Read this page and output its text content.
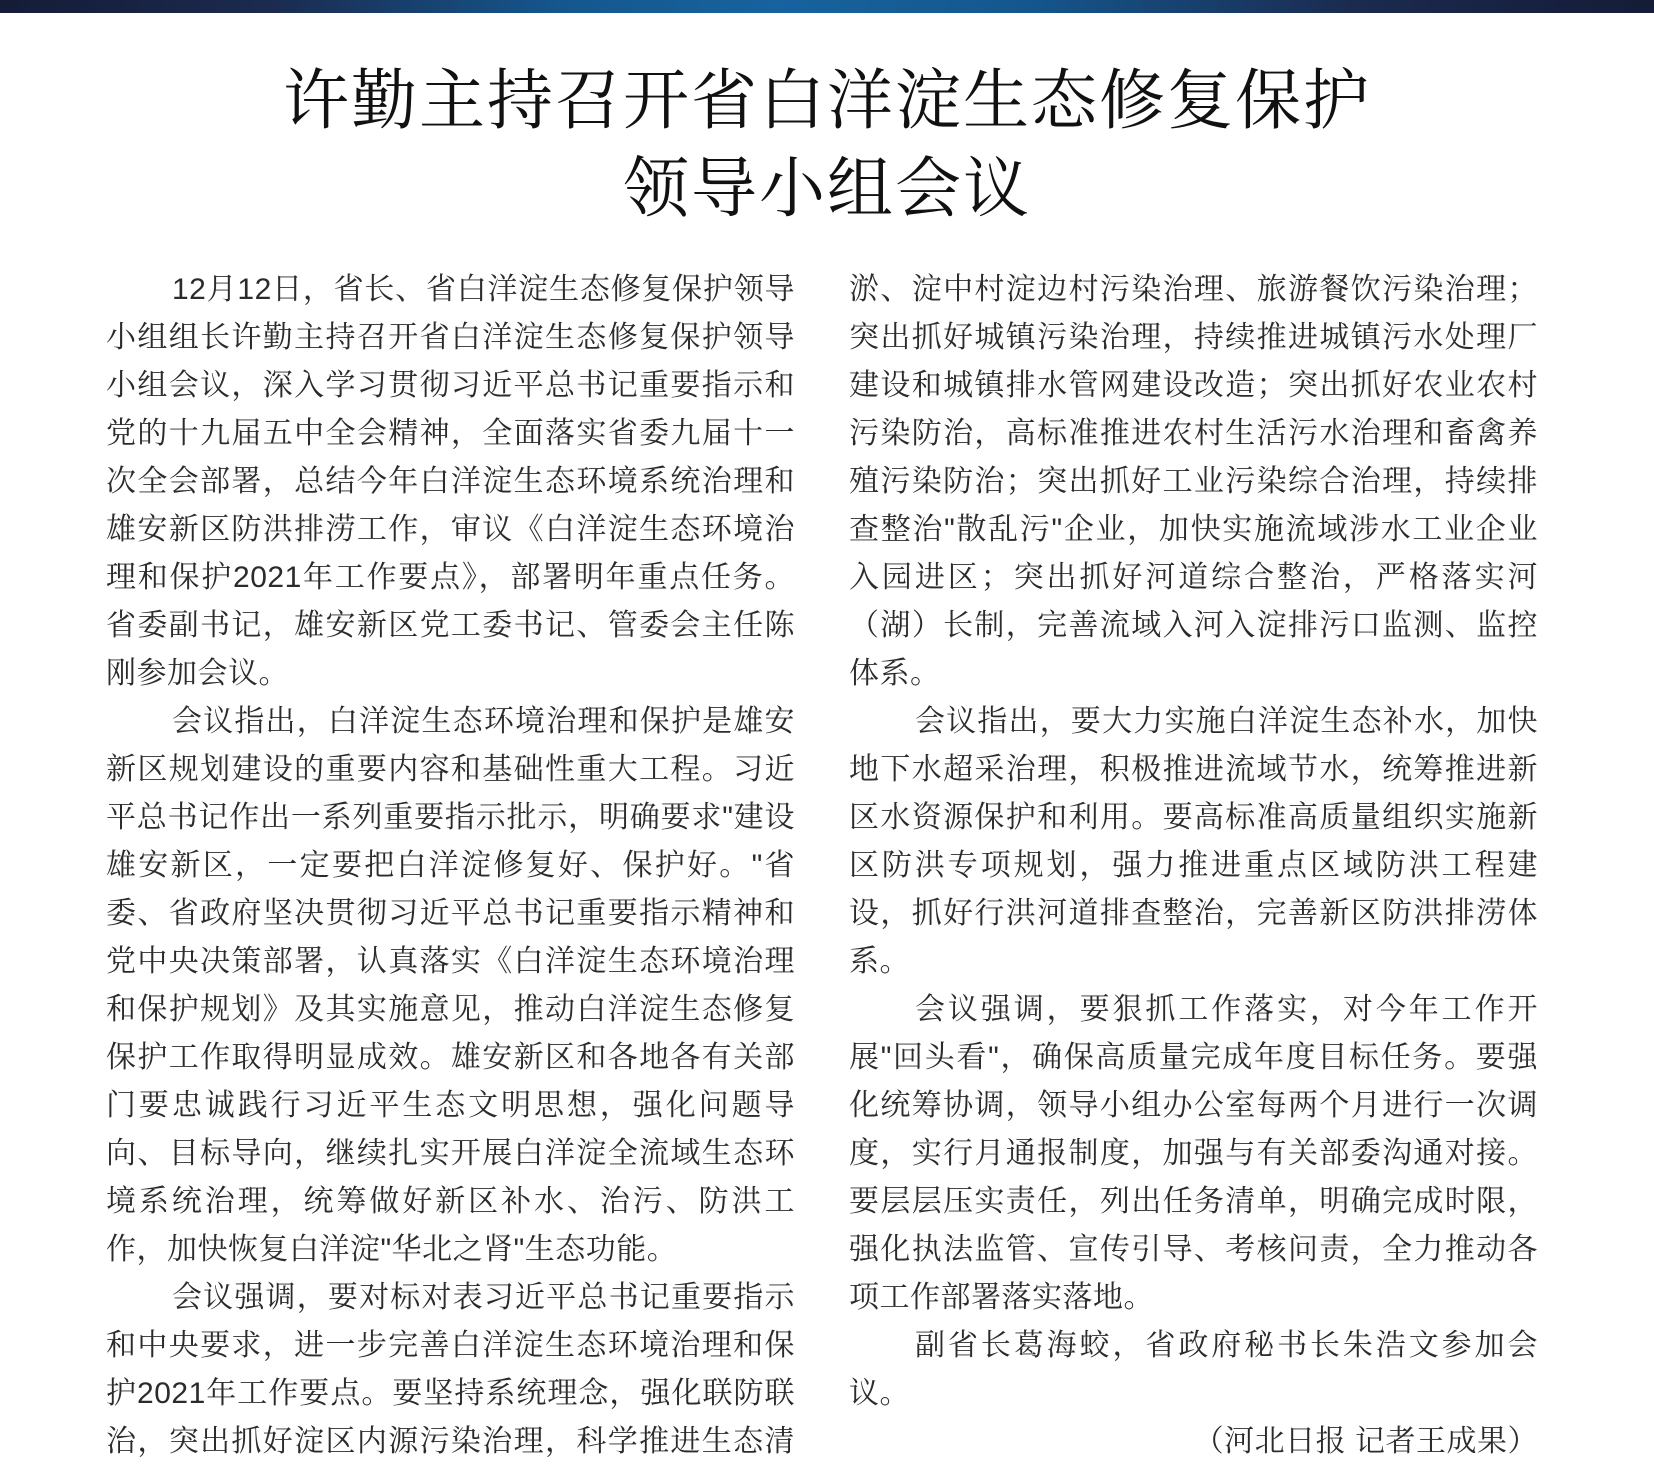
许勤主持召开省白洋淀生态修复保护
领导小组会议

12月12日，省长、省白洋淀生态修复保护领导小组组长许勤主持召开省白洋淀生态修复保护领导小组会议，深入学习贯彻习近平总书记重要指示和党的十九届五中全会精神，全面落实省委九届十一次全会部署，总结今年白洋淀生态环境系统治理和雄安新区防洪排涝工作，审议《白洋淀生态环境治理和保护2021年工作要点》，部署明年重点任务。省委副书记，雄安新区党工委书记、管委会主任陈刚参加会议。

会议指出，白洋淀生态环境治理和保护是雄安新区规划建设的重要内容和基础性重大工程。习近平总书记作出一系列重要指示批示，明确要求"建设雄安新区，一定要把白洋淀修复好、保护好。"省委、省政府坚决贯彻习近平总书记重要指示精神和党中央决策部署，认真落实《白洋淀生态环境治理和保护规划》及其实施意见，推动白洋淀生态修复保护工作取得明显成效。雄安新区和各地各有关部门要忠诚践行习近平生态文明思想，强化问题导向、目标导向，继续扎实开展白洋淀全流域生态环境系统治理，统筹做好新区补水、治污、防洪工作，加快恢复白洋淀"华北之肾"生态功能。

会议强调，要对标对表习近平总书记重要指示和中央要求，进一步完善白洋淀生态环境治理和保护2021年工作要点。要坚持系统理念，强化联防联治，突出抓好淀区内源污染治理，科学推进生态清淤、淀中村淀边村污染治理、旅游餐饮污染治理；突出抓好城镇污染治理，持续推进城镇污水处理厂建设和城镇排水管网建设改造；突出抓好农业农村污染防治，高标准推进农村生活污水治理和畜禽养殖污染防治；突出抓好工业污染综合治理，持续排查整治"散乱污"企业，加快实施流域涉水工业企业入园进区；突出抓好河道综合整治，严格落实河（湖）长制，完善流域入河入淀排污口监测、监控体系。

会议指出，要大力实施白洋淀生态补水，加快地下水超采治理，积极推进流域节水，统筹推进新区水资源保护和利用。要高标准高质量组织实施新区防洪专项规划，强力推进重点区域防洪工程建设，抓好行洪河道排查整治，完善新区防洪排涝体系。

会议强调，要狠抓工作落实，对今年工作开展"回头看"，确保高质量完成年度目标任务。要强化统筹协调，领导小组办公室每两个月进行一次调度，实行月通报制度，加强与有关部委沟通对接。要层层压实责任，列出任务清单，明确完成时限，强化执法监管、宣传引导、考核问责，全力推动各项工作部署落实落地。

副省长葛海蛟，省政府秘书长朱浩文参加会议。

（河北日报 记者王成果）
